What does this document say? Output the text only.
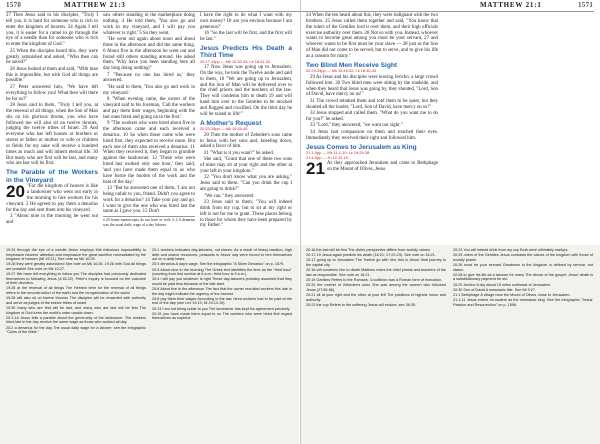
1570	MATTHEW 21:3	MATTHEW 21:1	1571

27 Then Jesus said to his disciples, "Truly I tell you, it is hard for someone who is rich to enter the kingdom of heaven. 24 Again I tell you, it is easier for a camel to go through the eye of a needle than for someone who is rich to enter the kingdom of God."

25 When the disciples heard this, they were greatly astonished and asked, "Who then can be saved?"

26 Jesus looked at them and said, "With man this is impossible, but with God all things are possible."

27 Peter answered him, "We have left everything to follow you! What then will there be for us?"

28 Jesus said to them, "Truly I tell you, at the renewal of all things, when the Son of Man sits on his glorious throne, you who have followed me will also sit on twelve thrones, judging the twelve tribes of Israel. 29 And everyone who has left houses or brothers or sisters or father or mother or wife or children or fields for my sake will receive a hundred times as much and will inherit eternal life. 30 But many who are first will be last, and many who are last will be first.

The Parable of the Workers in the Vineyard

20 "For the kingdom of heaven is like a landowner who went out early in the morning to hire workers for his vineyard. 2 He agreed to pay them a denarius for the day and sent them into his vineyard.

3 "About nine in the morning he went out and

saw others standing in the marketplace doing nothing. 4 He told them, 'You also go and work in my vineyard, and I will pay you whatever is right.' 5 So they went.

"He went out again about noon and about three in the afternoon and did the same thing. 6 About five in the afternoon he went out and found still others standing around. He asked them, 'Why have you been standing here all day long doing nothing?'

7 "'Because no one has hired us,' they answered.

"He said to them, 'You also go and work in my vineyard.'

8 "When evening came, the owner of the vineyard said to his foreman, 'Call the workers and pay them their wages, beginning with the last ones hired and going on to the first.'

9 "The workers who were hired about five in the afternoon came and each received a denarius. 10 So when those came who were hired first, they expected to receive more. But each one of them also received a denarius. 11 When they received it, they began to grumble against the landowner. 12 'These who were hired last worked only one hour,' they said, 'and you have made them equal to us who have borne the burden of the work and the heat of the day.'

13 "But he answered one of them, 'I am not being unfair to you, friend. Didn't you agree to work for a denarius? 14 Take your pay and go. I want to give the one who was hired last the same as I gave you. 15 Don't

a 29 Some manuscripts do not have or wife. b 2 A denarius was the usual daily wage of a day laborer.

I have the right to do what I want with my own money? Or are you envious because I am generous?'

16 "So the last will be first, and the first will be last."

Jesus Predicts His Death a Third Time

20:17-19pp — Mk 10:32-34; Lk 18:31-33

17 Now Jesus was going up to Jerusalem. On the way, he took the Twelve aside and said to them, 18 "We are going up to Jerusalem, and the Son of Man will be delivered over to the chief priests and the teachers of the law. They will condemn him to death 19 and will hand him over to the Gentiles to be mocked and flogged and crucified. On the third day he will be raised to life!"

A Mother's Request

20:20-28pp — Mk 10:35-45

20 Then the mother of Zebedee's sons came to Jesus with her sons and, kneeling down, asked a favor of him.

21 "What is it you want?" he asked.

She said, "Grant that one of these two sons of mine may sit at your right and the other at your left in your kingdom."

22 "You don't know what you are asking," Jesus said to them. "Can you drink the cup I am going to drink?"

"We can," they answered.

23 Jesus said to them, "You will indeed drink from my cup, but to sit at my right or left is not for me to grant. These places belong to those for whom they have been prepared by my Father."

19:24 through the eye of a needle Jesus employs this ridiculous impossibility to emphasize hearers' attention and emphasize the great sacrifice necessitated by the kingdom of heaven (Mt 19:21). See note on Mk 10:25.

19:28 they were greatly astonished See note on Mk 10:26. 19:26 with God all things are possible See note on Mk 10:27.

19:27 We have left everything to follow you The disciples had previously dedicated themselves to following Jesus (4:18-22). Peter's inquiry is focused on the outcome of their devotion.

19:28 at the renewal of all things The Hebrew term for the renewal of all things refers to the reconstruction of the earth and the reorganization of the world.

19:28 will also sit on twelve thrones The disciples will be rewarded with authority and serve as judges of the twelve tribes of Israel.

19:30 many who are first will be last, and many who are last will be first The kingdom of God turns the world's order upside down.

20:1-16 Jesus tells a parable about the generosity of the landowner. The workers hired late in the day receive the same wage as those who worked all day.

20:2 a denarius for the day The usual daily wage for a laborer; see the infographic "Coins of the Bible."

20:1 workers Indicates day-laborers, not slaves. As a result of heavy taxation, high debt and scarce resources, peasants in Jesus' day were forced to hire themselves out on a daily basis.

20:3 denarius A day's wage. See the infographic "A Silver Denarius" on p. 1579.

20:3 About nine in the morning The Greek text identifies the time as the "third hour" (counting from first sunrise at 6 a.m.; third hour is 9 a.m.).

20:4 I will pay you whatever is right These day-laborers probably assumed that they would be paid less because of the late start.

20:6 About five in the afternoon The fact that the owner recruited workers this late in the day might indicate the urgency of the harvest.

20:8 pay them their wages According to the law, hired workers had to be paid at the end of the day (see Lev 19:13; Dt 24:14-15).

20:13 I am not being unfair to you The landowner has kept his agreement precisely.

20:15 you have made them equal to us The workers who were hired first regard themselves as superior.

24 When the ten heard about this, they were indignant with the two brothers. 25 Jesus called them together and said, "You know that the rulers of the Gentiles lord it over them, and their high officials exercise authority over them. 26 Not so with you. Instead, whoever wants to become great among you must be your servant, 27 and whoever wants to be first must be your slave — 28 just as the Son of Man did not come to be served, but to serve, and to give his life as a ransom for many."

Two Blind Men Receive Sight

20:29-34pp — Mk 10:46-52; Lk 18:35-43

29 As Jesus and his disciples were leaving Jericho, a large crowd followed him. 30 Two blind men were sitting by the roadside, and when they heard that Jesus was going by, they shouted, "Lord, Son of David, have mercy on us!"

31 The crowd rebuked them and told them to be quiet, but they shouted all the louder, "Lord, Son of David, have mercy on us!"

32 Jesus stopped and called them. "What do you want me to do for you?" he asked.

33 "Lord," they answered, "we want our sight."

34 Jesus had compassion on them and touched their eyes. Immediately they received their sight and followed him.

Jesus Comes to Jerusalem as King

21:1-9pp — Mk 11:1-10; Lk 19:29-38
21:4-9pp — Jn 12:12-15

21 As they approached Jerusalem and came to Bethphage on the Mount of Olives, Jesus

20:16 the last will be first The divine perspective differs from worldly values.

20:17-19 Jesus again predicts his death (16:21; 17:22-23). See note on 16:21.

20:17 going up to Jerusalem The Twelve go with him; this is Jesus' final journey to the capital city.

20:18 will condemn him to death Matthew notes the chief priests and teachers of the law as responsible. See note on 16:21.

20:19 Gentiles Refers to the Romans. Crucifixion was a Roman form of execution.

20:20 the mother of Zebedee's sons She was among the women who followed Jesus (27:55-56).

20:21 sit at your right and the other at your left The positions of highest honor and authority.

20:22 the cup Refers to the suffering Jesus will endure; see 26:39.

20:23 You will indeed drink from my cup Both were ultimately martyrs.

20:25 rulers of the Gentiles Jesus contrasts the values of the kingdom with those of worldly power.

20:26 must be your servant Greatness in the kingdom is defined by service, not status.

20:28 to give his life as a ransom for many The climax of the gospel; Jesus' death is a substitutionary payment for sin.

20:29 Jericho A city about 15 miles northeast of Jerusalem.

20:30 Son of David A messianic title. See Mt 9:27.

21:1 Bethphage A village near the Mount of Olives, close to Jerusalem.

21:1-11 Jesus enters Jerusalem as the messianic king. See the infographic "Jesus' Passion and Resurrection" on p. 1596.
